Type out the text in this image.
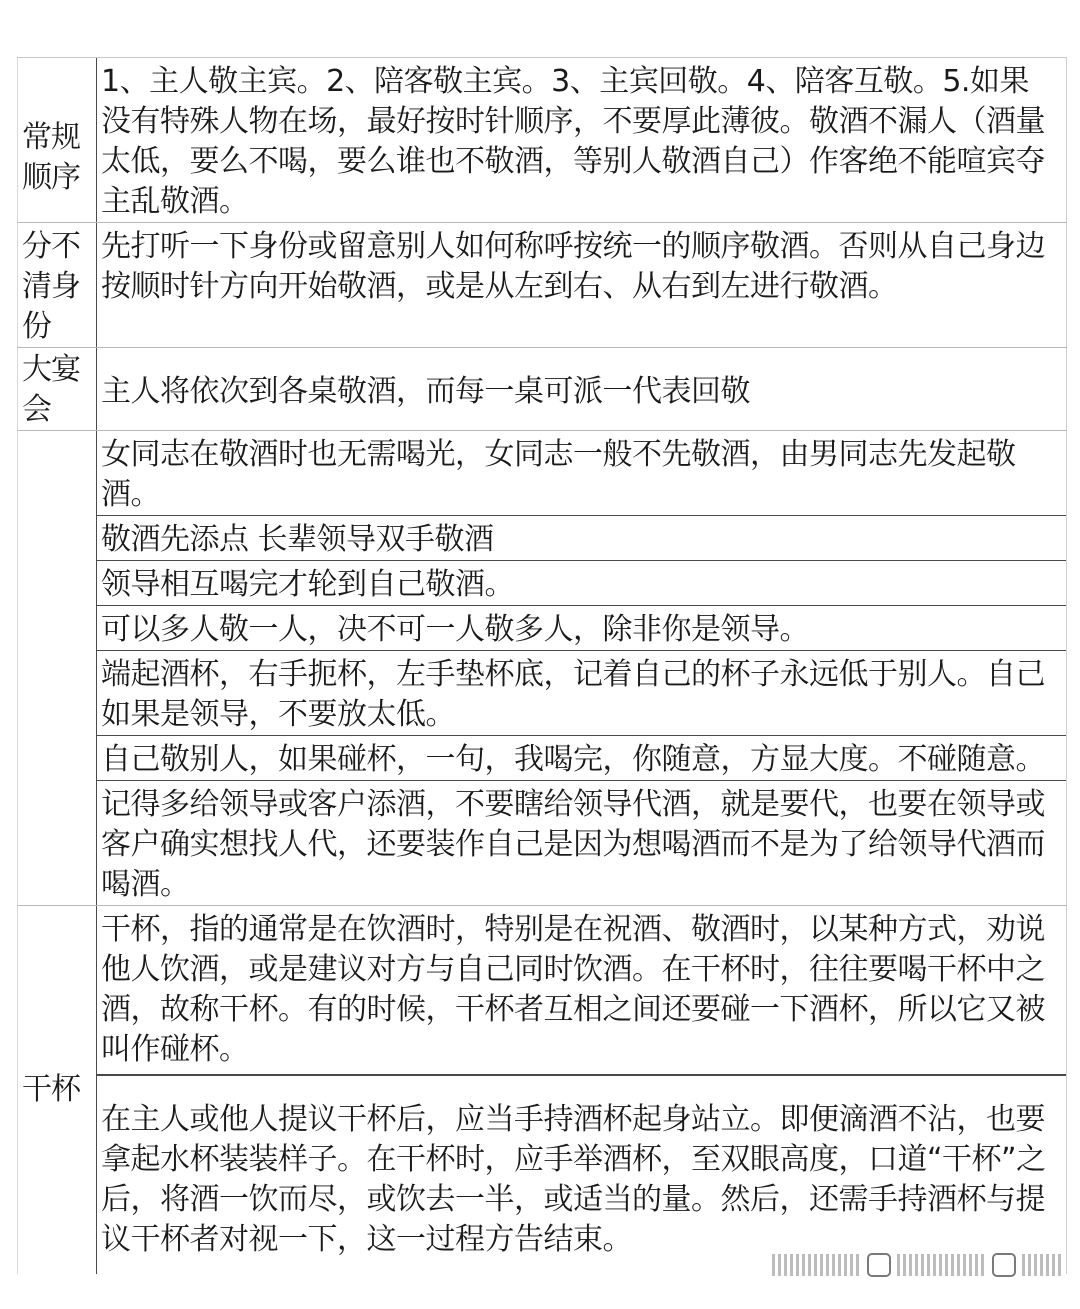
常规顺序
1、主人敬主宾。2、陪客敬主宾。3、主宾回敬。4、陪客互敬。5.如果没有特殊人物在场，最好按时针顺序，不要厚此薄彼。敬酒不漏人（酒量太低，要么不喝，要么谁也不敬酒，等别人敬酒自己）作客绝不能喧宾夺主乱敬酒。
分不清身份
先打听一下身份或留意别人如何称呼按统一的顺序敬酒。否则从自己身边按顺时针方向开始敬酒，或是从左到右、从右到左进行敬酒。
大宴会
主人将依次到各桌敬酒，而每一桌可派一代表回敬
女同志在敬酒时也无需喝光，女同志一般不先敬酒，由男同志先发起敬酒。
敬酒先添点 长辈领导双手敬酒
领导相互喝完才轮到自己敬酒。
可以多人敬一人，决不可一人敬多人，除非你是领导。
端起酒杯，右手扼杯，左手垫杯底，记着自己的杯子永远低于别人。自己如果是领导，不要放太低。
自己敬别人，如果碰杯，一句，我喝完，你随意，方显大度。不碰随意。
记得多给领导或客户添酒，不要瞎给领导代酒，就是要代，也要在领导或客户确实想找人代，还要装作自己是因为想喝酒而不是为了给领导代酒而喝酒。
干杯
干杯，指的通常是在饮酒时，特别是在祝酒、敬酒时，以某种方式，劝说他人饮酒，或是建议对方与自己同时饮酒。在干杯时，往往要喝干杯中之酒，故称干杯。有的时候，干杯者互相之间还要碰一下酒杯，所以它又被叫作碰杯。
在主人或他人提议干杯后，应当手持酒杯起身站立。即便滴酒不沾，也要拿起水杯装装样子。在干杯时，应手举酒杯，至双眼高度，口道“干杯”之后，将酒一饮而尽，或饮去一半，或适当的量。然后，还需手持酒杯与提议干杯者对视一下，这一过程方告结束。
